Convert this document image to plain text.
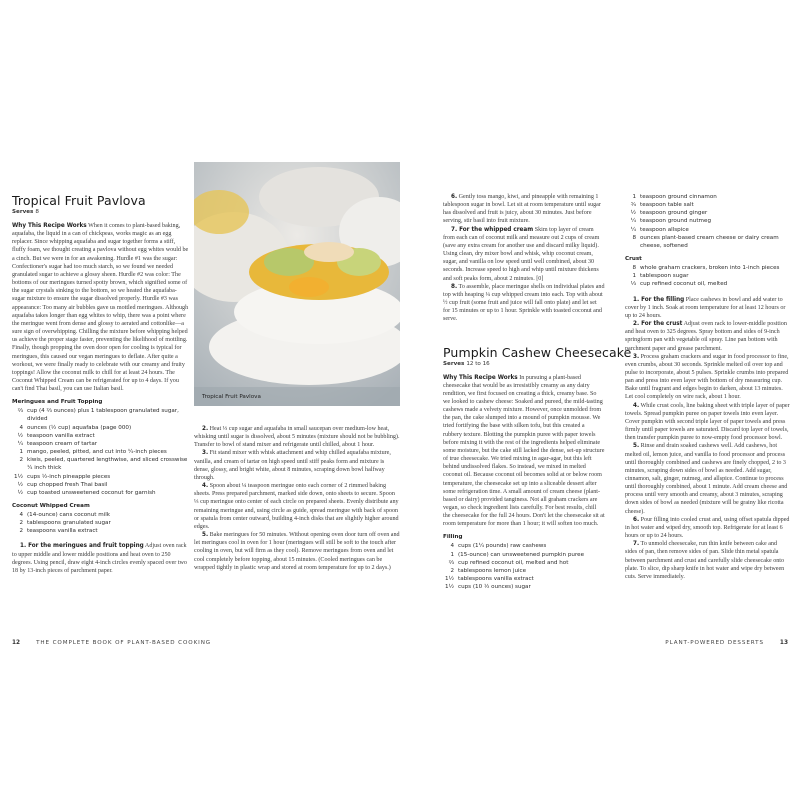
Tropical Fruit Pavlova
Serves 8

Why This Recipe Works When it comes to plant-based baking, aquafaba, the liquid in a can of chickpeas, works magic as an egg replacer. Since whipping aquafaba and sugar together forms a stiff, fluffy foam, we thought creating a pavlova without egg whites would be a cinch. But we were in for an awakening. Hurdle #1 was the sugar: Confectioner's sugar had too much starch, so we found we needed granulated sugar to achieve a glossy sheen. Hurdle #2 was color: The bottoms of our meringues turned spotty brown, which signified some of the sugar crystals sinking to the bottom, so we heated the aquafaba-sugar mixture to ensure the sugar dissolved properly. Hurdle #3 was appearance: Too many air bubbles gave us mottled meringues. Although aquafaba takes longer than egg whites to whip, there was a point where the meringue went from dense and glossy to aerated and cottonlike—a sure sign of overwhipping. Chilling the mixture before whipping helped us achieve the proper stage faster, preventing the likelihood of mottling. Finally, though propping the oven door open for cooling is typical for meringues, this caused our vegan meringues to deflate. After quite a workout, we were finally ready to celebrate with our creamy and fruity toppings! Allow the coconut milk to chill for at least 24 hours. The Coconut Whipped Cream can be refrigerated for up to 4 days. If you can't find Thai basil, you can use Italian basil.

Meringues and Fruit Topping
⅔ cup (4 ⅔ ounces) plus 1 tablespoon granulated sugar, divided
4 ounces (½ cup) aquafaba (page 000)
½ teaspoon vanilla extract
¼ teaspoon cream of tartar
1 mango, peeled, pitted, and cut into ¼-inch pieces
2 kiwis, peeled, quartered lengthwise, and sliced crosswise ¼ inch thick
1½ cups ½-inch pineapple pieces
½ cup chopped fresh Thai basil
½ cup toasted unsweetened coconut for garnish
Coconut Whipped Cream
4 (14-ounce) cans coconut milk
2 tablespoons granulated sugar
2 teaspoons vanilla extract

1. For the meringues and fruit topping Adjust oven rack to upper middle and lower middle positions and heat oven to 250 degrees. Using pencil, draw eight 4-inch circles evenly spaced over two 18 by 13-inch pieces of parchment paper.

Tropical Fruit Pavlova

2. Heat ⅓ cup sugar and aquafaba in small saucepan over medium-low heat, whisking until sugar is dissolved, about 5 minutes (mixture should not be bubbling). Transfer to bowl of stand mixer and refrigerate until chilled, about 1 hour.

3. Fit stand mixer with whisk attachment and whip chilled aquafaba mixture, vanilla, and cream of tartar on high speed until stiff peaks form and mixture is dense, glossy, and bright white, about 8 minutes, scraping down bowl halfway through.

4. Spoon about ¼ teaspoon meringue onto each corner of 2 rimmed baking sheets. Press prepared parchment, marked side down, onto sheets to secure. Spoon ⅓ cup meringue onto center of each circle on prepared sheets. Evenly distribute any remaining meringue and, using circle as guide, spread meringue with back of spoon or spatula from center outward, building 4-inch disks that are slightly higher around edges.

5. Bake meringues for 50 minutes. Without opening oven door turn off oven and let meringues cool in oven for 1 hour (meringues will still be soft to the touch after cooling in oven, but will firm as they cool). Remove meringues from oven and let cool completely before topping, about 15 minutes. (Cooled meringues can be wrapped tightly in plastic wrap and stored at room temperature for up to 2 days.)

12	THE COMPLETE BOOK OF PLANT-BASED COOKING

6. Gently toss mango, kiwi, and pineapple with remaining 1 tablespoon sugar in bowl. Let sit at room temperature until sugar has dissolved and fruit is juicy, about 30 minutes. Just before serving, stir basil into fruit mixture.

7. For the whipped cream Skim top layer of cream from each can of coconut milk and measure out 2 cups of cream (save any extra cream for another use and discard milky liquid). Using clean, dry mixer bowl and whisk, whip coconut cream, sugar, and vanilla on low speed until well combined, about 30 seconds. Increase speed to high and whip until mixture thickens and soft peaks form, about 2 minutes. [0]

8. To assemble, place meringue shells on individual plates and top with heaping ¼ cup whipped cream into each. Top with about ½ cup fruit (some fruit and juice will fall onto plate) and let set for 15 minutes or up to 1 hour. Sprinkle with toasted coconut and serve.

Pumpkin Cashew Cheesecake
Serves 12 to 16

Why This Recipe Works In pursuing a plant-based cheesecake that would be as irresistibly creamy as any dairy rendition, we first focused on creating a thick, creamy base. So we looked to cashew cheese: Soaked and pureed, the mild-tasting cashews made a velvety mixture. However, once unmolded from the pan, the cake slumped into a mound of pumpkin mousse. We tried fortifying the base with silken tofu, but this created a rubbery texture. Blotting the pumpkin puree with paper towels before mixing it with the rest of the ingredients helped eliminate some moisture, but the cake still lacked the dense, set-up structure of true cheesecake. We tried mixing in agar-agar, but this left behind undissolved flakes. So instead, we mixed in melted coconut oil. Because coconut oil becomes solid at or below room temperature, the cheesecake set up into a sliceable dessert after some refrigeration time. A small amount of cream cheese (plant-based or dairy) provided tanginess. Not all graham crackers are vegan, so check ingredient lists carefully. For best results, chill the cheesecake for the full 24 hours. Don't let the cheesecake sit at room temperature for more than 1 hour; it will soften too much.

Filling
4 cups (1¼ pounds) raw cashews
1 (15-ounce) can unsweetened pumpkin puree
⅔ cup refined coconut oil, melted and hot
2 tablespoons lemon juice
1½ tablespoons vanilla extract
1½ cups (10 ½ ounces) sugar
1 teaspoon ground cinnamon
¾ teaspoon table salt
½ teaspoon ground ginger
¼ teaspoon ground nutmeg
¼ teaspoon allspice
8 ounces plant-based cream cheese or dairy cream cheese, softened
Crust
8 whole graham crackers, broken into 1-inch pieces
1 tablespoon sugar
⅓ cup refined coconut oil, melted

1. For the filling Place cashews in bowl and add water to cover by 1 inch. Soak at room temperature for at least 12 hours or up to 24 hours.

2. For the crust Adjust oven rack to lower-middle position and heat oven to 325 degrees. Spray bottom and sides of 9-inch springform pan with vegetable oil spray. Line pan bottom with parchment paper and grease parchment.

3. Process graham crackers and sugar in food processor to fine, even crumbs, about 30 seconds. Sprinkle melted oil over top and pulse to incorporate, about 5 pulses. Sprinkle crumbs into prepared pan and press into even layer with bottom of dry measuring cup. Bake until fragrant and edges begin to darken, about 13 minutes. Let cool completely on wire rack, about 1 hour.

4. While crust cools, line baking sheet with triple layer of paper towels. Spread pumpkin puree on paper towels into even layer. Cover pumpkin with second triple layer of paper towels and press firmly until paper towels are saturated. Discard top layer of towels, then transfer pumpkin puree to now-empty food processor bowl.

5. Rinse and drain soaked cashews well. Add cashews, hot melted oil, lemon juice, and vanilla to food processor and process until thoroughly combined and cashews are finely chopped, 2 to 3 minutes, scraping down sides of bowl as needed. Add sugar, cinnamon, salt, ginger, nutmeg, and allspice. Continue to process until thoroughly combined, about 1 minute. Add cream cheese and process until very smooth and creamy, about 3 minutes, scraping down sides of bowl as needed (mixture will be grainy like ricotta cheese).

6. Pour filling into cooled crust and, using offset spatula dipped in hot water and wiped dry, smooth top. Refrigerate for at least 6 hours or up to 24 hours.

7. To unmold cheesecake, run thin knife between cake and sides of pan, then remove sides of pan. Slide thin metal spatula between parchment and crust and carefully slide cheesecake onto plate. To slice, dip sharp knife in hot water and wipe dry between cuts. Serve immediately.

PLANT-POWERED DESSERTS	13
